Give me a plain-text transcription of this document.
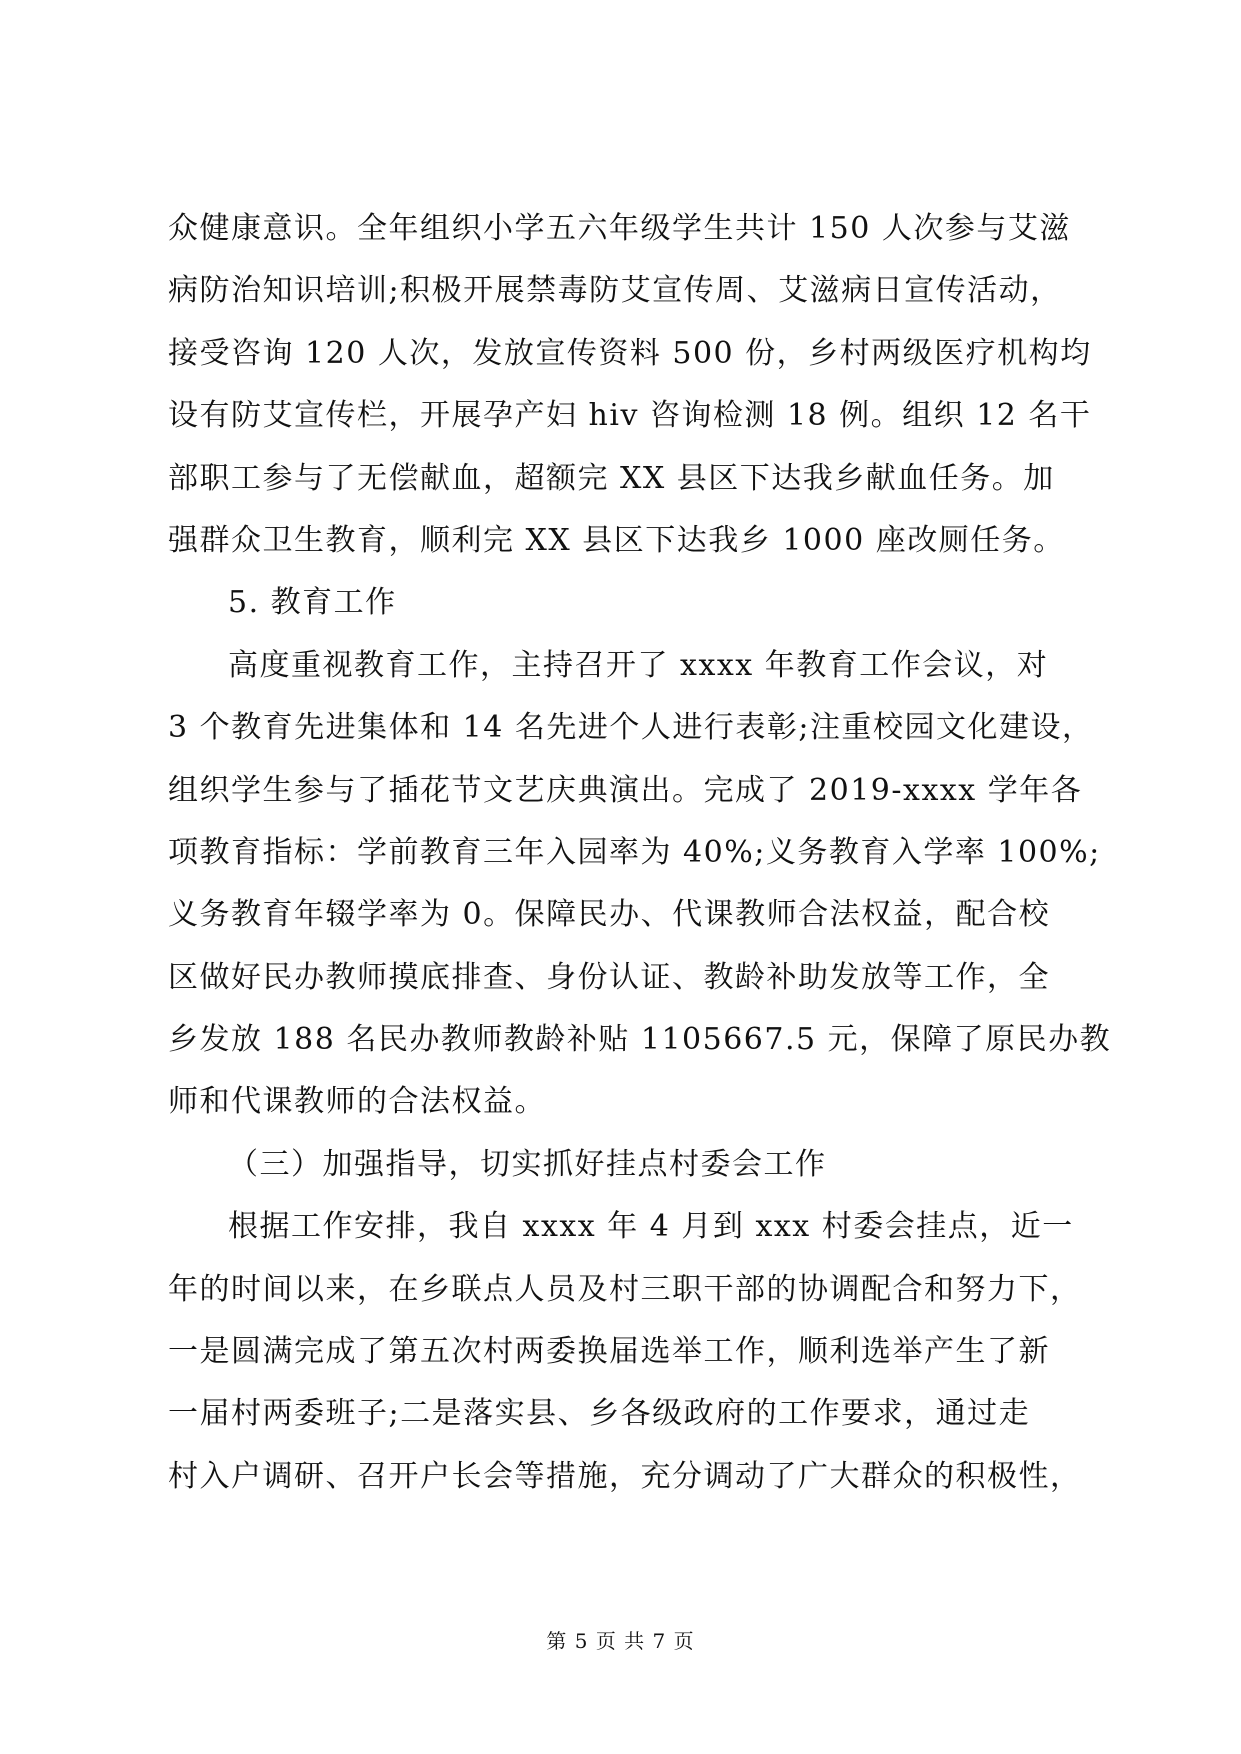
众健康意识。全年组织小学五六年级学生共计 150 人次参与艾滋
病防治知识培训;积极开展禁毒防艾宣传周、艾滋病日宣传活动，
接受咨询 120 人次，发放宣传资料 500 份，乡村两级医疗机构均
设有防艾宣传栏，开展孕产妇 hiv 咨询检测 18 例。组织 12 名干
部职工参与了无偿献血，超额完 XX 县区下达我乡献血任务。加
强群众卫生教育，顺利完 XX 县区下达我乡 1000 座改厕任务。
5. 教育工作
高度重视教育工作，主持召开了 xxxx 年教育工作会议，对
3 个教育先进集体和 14 名先进个人进行表彰;注重校园文化建设，
组织学生参与了插花节文艺庆典演出。完成了 2019-xxxx 学年各
项教育指标：学前教育三年入园率为 40%;义务教育入学率 100%;
义务教育年辍学率为 0。保障民办、代课教师合法权益，配合校
区做好民办教师摸底排查、身份认证、教龄补助发放等工作，全
乡发放 188 名民办教师教龄补贴 1105667.5 元，保障了原民办教
师和代课教师的合法权益。
（三）加强指导，切实抓好挂点村委会工作
根据工作安排，我自 xxxx 年 4 月到 xxx 村委会挂点，近一
年的时间以来，在乡联点人员及村三职干部的协调配合和努力下，
一是圆满完成了第五次村两委换届选举工作，顺利选举产生了新
一届村两委班子;二是落实县、乡各级政府的工作要求，通过走
村入户调研、召开户长会等措施，充分调动了广大群众的积极性，
第 5 页 共 7 页
